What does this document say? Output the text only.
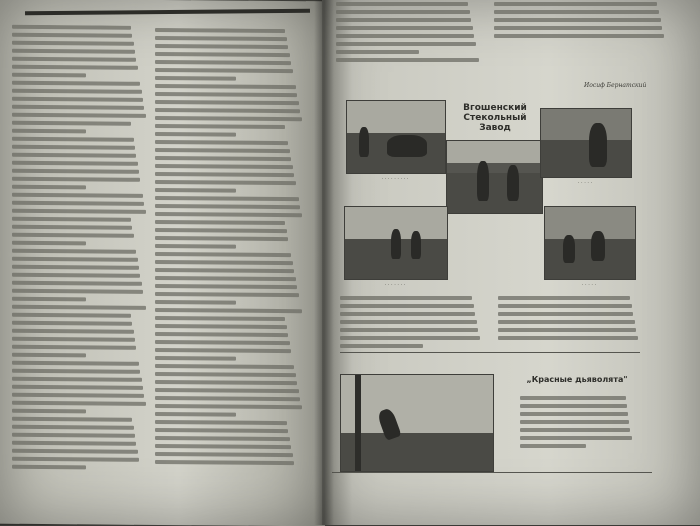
Иосиф Бернатский
· · · · · · · · ·
Вгошенский
Стекольный Завод
· · · · ·
· · · · · · ·	· · · · ·
„Красные дьяволята"
